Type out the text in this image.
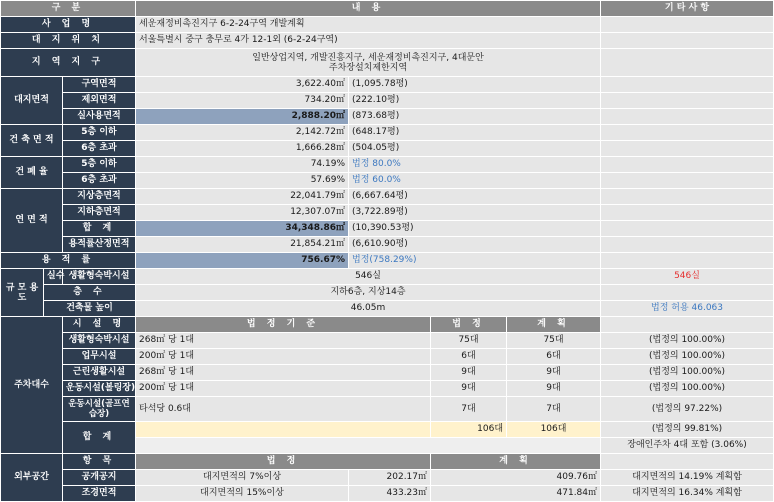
구 분			내 용				기 타 사 항
사 업 명			세운재정비촉진지구 6-2-24구역 개발계획				
대 지 위 치			서울특별시 중구 충무로 4가 12-1외 (6-2-24구역)				
지 역 지 구			일반상업지역, 개발진흥지구, 세운재정비촉진지구, 4대문안
주차장설치제한지역				

대지면적		구역면적	3,622.40㎡	(1,095.78평)			
		제외면적	734.20㎡	(222.10평)			
		실사용면적	2,888.20㎡	(873.68평)			
건 축 면 적		5층 이하	2,142.72㎡	(648.17평)			
		6층 초과	1,666.28㎡	(504.05평)			
건 폐 율		5층 이하	74.19%	법정 80.0%			
		6층 초과	57.69%	법정 60.0%			
연 면 적		지상층면적	22,041.79㎡	(6,667.64평)			
		지하층면적	12,307.07㎡	(3,722.89평)			
		합 계	34,348.86㎡	(10,390.53평)			
		용적률산정면적	21,854.21㎡	(6,610.90평)			
용 적 률			756.67%	법정(758.29%)			
규 모 용 도	실수	생활형숙박시설	546실				546실
	층 수		지하6층, 지상14층				
	건축물 높이		46.05m				법정 허용 46.063
주차대수		시 설 명	법 정 기 준		법 정	계 획	
		생활형숙박시설	268㎡ 당 1대		75대	75대	(법정의 100.00%)
		업무시설	200㎡ 당 1대		6대	6대	(법정의 100.00%)
		근린생활시설	268㎡ 당 1대		9대	9대	(법정의 100.00%)
		운동시설(볼링장)	200㎡ 당 1대		9대	9대	(법정의 100.00%)
		운동시설(골프연습장)	타석당 0.6대		7대	7대	(법정의 97.22%)
		합 계			106대	106대	(법정의 99.81%)
							장애인주차 4대 포함 (3.06%)
외부공간		항 목	법 정		계 획		
		공개공지	대지면적의 7%이상	202.17㎡	409.76㎡		대지면적의 14.19% 계획함
		조경면적	대지면적의 15%이상	433.23㎡	471.84㎡		대지면적의 16.34% 계획함
